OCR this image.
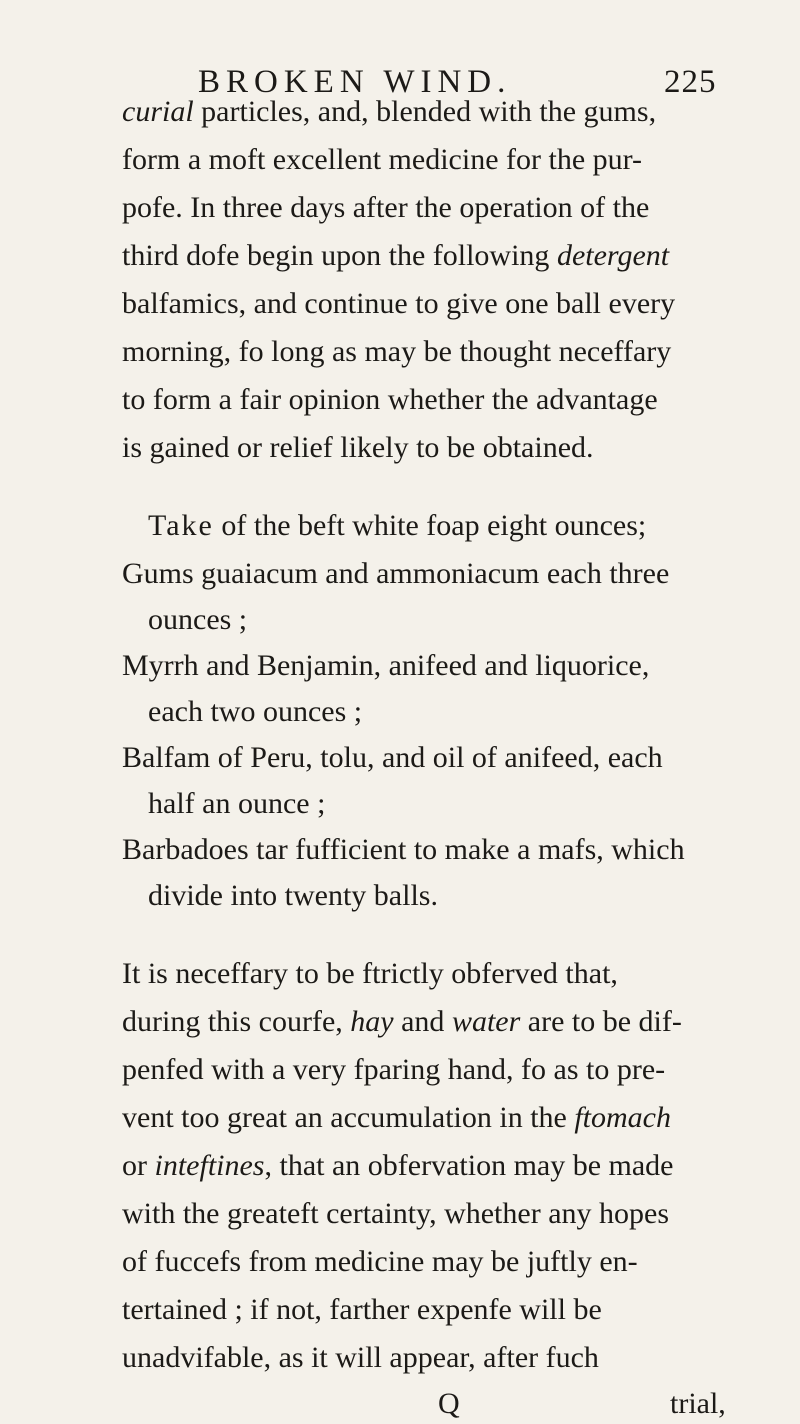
BROKEN WIND.	225
curial particles, and, blended with the gums,
form a moft excellent medicine for the pur-
pofe. In three days after the operation of the
third dofe begin upon the following detergent
balfamics, and continue to give one ball every
morning, fo long as may be thought neceffary
to form a fair opinion whether the advantage
is gained or relief likely to be obtained.
Take of the beft white foap eight ounces;
Gums guaiacum and ammoniacum each three
ounces ;
Myrrh and Benjamin, anifeed and liquorice,
each two ounces ;
Balfam of Peru, tolu, and oil of anifeed, each
half an ounce ;
Barbadoes tar fufficient to make a mafs, which
divide into twenty balls.
It is neceffary to be ftrictly obferved that,
during this courfe, hay and water are to be dif-
penfed with a very fparing hand, fo as to pre-
vent too great an accumulation in the ftomach
or inteftines, that an obfervation may be made
with the greateft certainty, whether any hopes
of fuccefs from medicine may be juftly en-
tertained ; if not, farther expenfe will be
unadvifable, as it will appear, after fuch
Q	trial,
